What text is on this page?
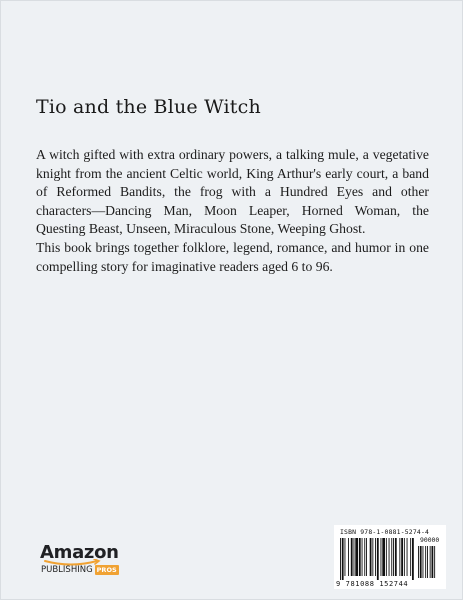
Tio and the Blue Witch

A witch gifted with extra ordinary powers, a talking mule, a vegetative knight from the ancient Celtic world, King Arthur's early court, a band of Reformed Bandits, the frog with a Hundred Eyes and other characters—Dancing Man, Moon Leaper, Horned Woman, the Questing Beast, Unseen, Miraculous Stone, Weeping Ghost.

This book brings together folklore, legend, romance, and humor in one compelling story for imaginative readers aged 6 to 96.

Amazon
PUBLISHING PROS
ISBN 978-1-0881-5274-4
90000
9 781088 152744
